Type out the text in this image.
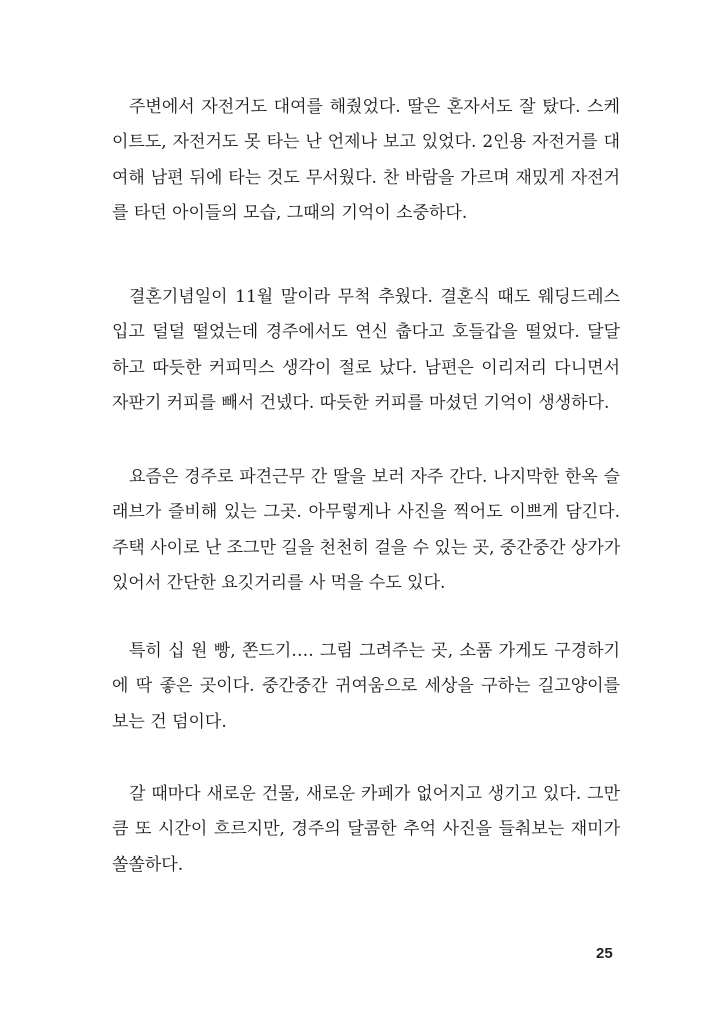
주변에서 자전거도 대여를 해줬었다. 딸은 혼자서도 잘 탔다. 스케
이트도, 자전거도 못 타는 난 언제나 보고 있었다. 2인용 자전거를 대
여해 남편 뒤에 타는 것도 무서웠다. 찬 바람을 가르며 재밌게 자전거
를 타던 아이들의 모습, 그때의 기억이 소중하다.
결혼기념일이 11월 말이라 무척 추웠다. 결혼식 때도 웨딩드레스
입고 덜덜 떨었는데 경주에서도 연신 춥다고 호들갑을 떨었다. 달달
하고 따듯한 커피믹스 생각이 절로 났다. 남편은 이리저리 다니면서
자판기 커피를 빼서 건넸다. 따듯한 커피를 마셨던 기억이 생생하다.
요즘은 경주로 파견근무 간 딸을 보러 자주 간다. 나지막한 한옥 슬
래브가 즐비해 있는 그곳. 아무렇게나 사진을 찍어도 이쁘게 담긴다.
주택 사이로 난 조그만 길을 천천히 걸을 수 있는 곳, 중간중간 상가가
있어서 간단한 요깃거리를 사 먹을 수도 있다.
특히 십 원 빵, 쫀드기…. 그림 그려주는 곳, 소품 가게도 구경하기
에 딱 좋은 곳이다. 중간중간 귀여움으로 세상을 구하는 길고양이를
보는 건 덤이다.
갈 때마다 새로운 건물, 새로운 카페가 없어지고 생기고 있다. 그만
큼 또 시간이 흐르지만, 경주의 달콤한 추억 사진을 들춰보는 재미가
쏠쏠하다.
25
